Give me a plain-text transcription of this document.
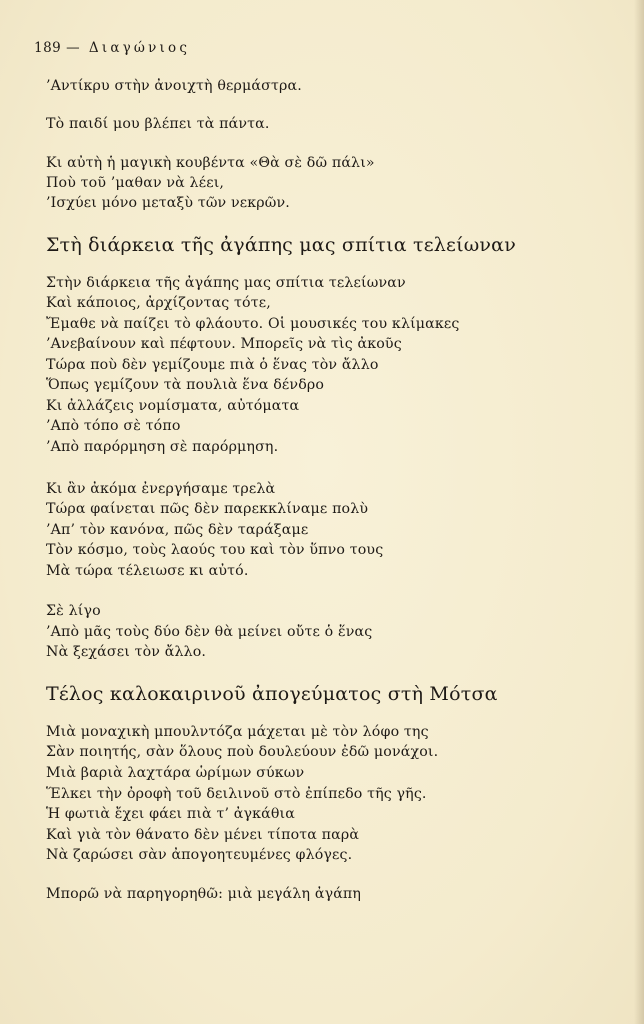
189 — Διαγώνιος
’Αντίκρυ στὴν ἀνοιχτὴ θερμάστρα.
Τὸ παιδί μου βλέπει τὰ πάντα.
Κι αὐτὴ ἡ μαγικὴ κουβέντα «Θὰ σὲ δῶ πάλι»
Ποὺ τοῦ ’μαθαν νὰ λέει,
’Ισχύει μόνο μεταξὺ τῶν νεκρῶν.
Στὴ διάρκεια τῆς ἀγάπης μας σπίτια τελείωναν
Στὴν διάρκεια τῆς ἀγάπης μας σπίτια τελείωναν
Καὶ κάποιος, ἀρχίζοντας τότε,
Ἔμαθε νὰ παίζει τὸ φλάουτο. Οἱ μουσικές του κλίμακες
’Ανεβαίνουν καὶ πέφτουν. Μπορεῖς νὰ τὶς ἀκοῦς
Τώρα ποὺ δὲν γεμίζουμε πιὰ ὁ ἕνας τὸν ἄλλο
Ὅπως γεμίζουν τὰ πουλιὰ ἕνα δένδρο
Κι ἀλλάζεις νομίσματα, αὐτόματα
’Απὸ τόπο σὲ τόπο
’Απὸ παρόρμηση σὲ παρόρμηση.
Κι ἂν ἀκόμα ἐνεργήσαμε τρελὰ
Τώρα φαίνεται πῶς δὲν παρεκκλίναμε πολὺ
’Απ’ τὸν κανόνα, πῶς δὲν ταράξαμε
Τὸν κόσμο, τοὺς λαούς του καὶ τὸν ὕπνο τους
Μὰ τώρα τέλειωσε κι αὐτό.
Σὲ λίγο
’Απὸ μᾶς τοὺς δύο δὲν θὰ μείνει οὔτε ὁ ἕνας
Νὰ ξεχάσει τὸν ἄλλο.
Τέλος καλοκαιρινοῦ ἀπογεύματος στὴ Μότσα
Μιὰ μοναχικὴ μπουλντόζα μάχεται μὲ τὸν λόφο της
Σὰν ποιητής, σὰν ὅλους ποὺ δουλεύουν ἐδῶ μονάχοι.
Μιὰ βαριὰ λαχτάρα ὡρίμων σύκων
Ἕλκει τὴν ὀροφὴ τοῦ δειλινοῦ στὸ ἐπίπεδο τῆς γῆς.
Ἡ φωτιὰ ἔχει φάει πιὰ τ’ ἀγκάθια
Καὶ γιὰ τὸν θάνατο δὲν μένει τίποτα παρὰ
Νὰ ζαρώσει σὰν ἀπογοητευμένες φλόγες.
Μπορῶ νὰ παρηγορηθῶ: μιὰ μεγάλη ἀγάπη
